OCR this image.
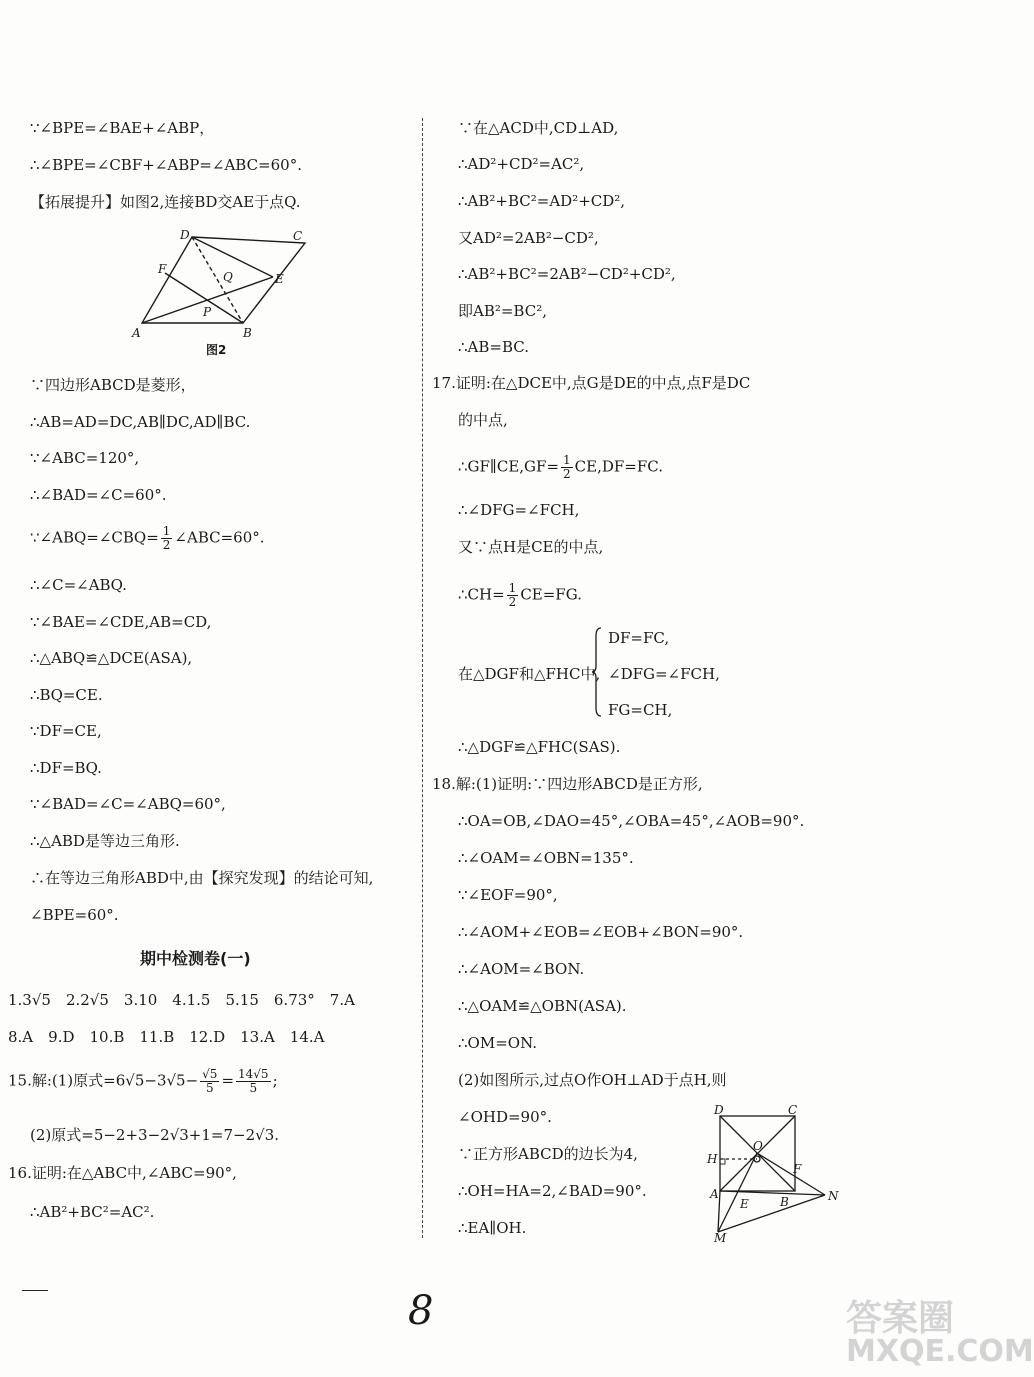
∵∠BPE=∠BAE+∠ABP，
∴∠BPE=∠CBF+∠ABP=∠ABC=60°.
【拓展提升】如图2,连接BD交AE于点Q.
D	C
F
Q	E
P
A	B
图2
∵四边形ABCD是菱形，
∴AB=AD=DC,AB∥DC,AD∥BC.
∵∠ABC=120°,
∴∠BAD=∠C=60°.
∵∠ABQ=∠CBQ= $\frac{1}{2}$ ∠ABC=60°.
∴∠C=∠ABQ.
∵∠BAE=∠CDE,AB=CD,
∴△ABQ≌△DCE(ASA),
∴BQ=CE.
∵DF=CE,
∴DF=BQ.
∵∠BAD=∠C=∠ABQ=60°,
∴△ABD是等边三角形.
∴在等边三角形ABD中,由【探究发现】的结论可知,
∠BPE=60°.
期中检测卷(一)
1.3√5　2.2√5　3.10　4.1.5　5.15　6.73°　7.A
8.A　9.D　10.B　11.B　12.D　13.A　14.A
15.解:(1)原式$=6√5-3√5- \frac{√5}{5} = \frac{14√5}{5}$ ;
(2)原式=5−2+3−2√3+1=7−2√3.
16.证明:在△ABC中,∠ABC=90°,
∴AB²+BC²=AC².
∵在△ACD中,CD⊥AD,
∴AD²+CD²=AC²,
∴AB²+BC²=AD²+CD²,
又AD²=2AB²−CD²,
∴AB²+BC²=2AB²−CD²+CD²,
即AB²=BC²,
∴AB=BC.
17.证明:在△DCE中,点G是DE的中点,点F是DC
的中点,
∴GF∥CE,GF= $\frac{1}{2} CE,DF=FC$.
∴∠DFG=∠FCH,
又∵点H是CE的中点,
∴CH= $\frac{1}{2} CE=FG$.
在△DGF和△FHC中,
DF=FC,
∠DFG=∠FCH,
FG=CH,
∴△DGF≌△FHC(SAS).
18.解:(1)证明:∵四边形ABCD是正方形,
∴OA=OB,∠DAO=45°,∠OBA=45°,∠AOB=90°.
∴∠OAM=∠OBN=135°.
∵∠EOF=90°,
∴∠AOM+∠EOB=∠EOB+∠BON=90°.
∴∠AOM=∠BON.
∴△OAM≌△OBN(ASA).
∴OM=ON.
(2)如图所示,过点O作OH⊥AD于点H,则
∠OHD=90°.
∵正方形ABCD的边长为4,
∴OH=HA=2,∠BAD=90°.
∴EA∥OH.
D	C
O
H
F
A
E	B	N
M
8	答案圈
MXQE.COM
